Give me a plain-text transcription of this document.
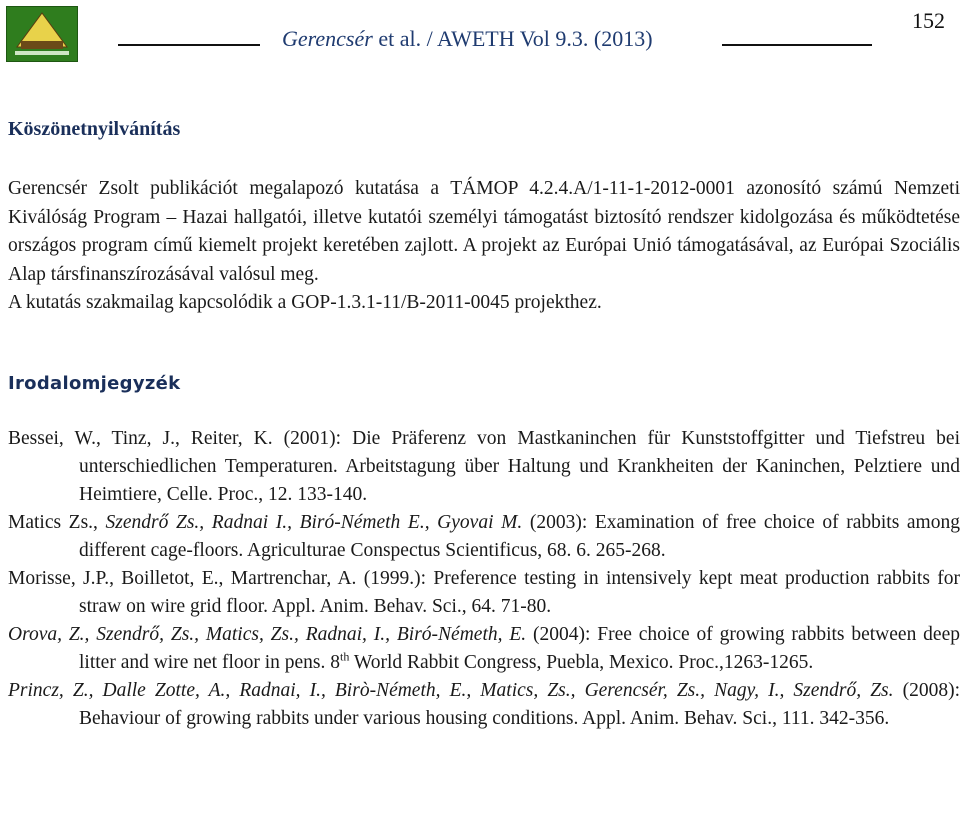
Gerencsér et al. / AWETH Vol 9.3. (2013)
152
Köszönetnyilvánítás

Gerencsér Zsolt publikációt megalapozó kutatása a TÁMOP 4.2.4.A/1-11-1-2012-0001 azonosító számú Nemzeti Kiválóság Program – Hazai hallgatói, illetve kutatói személyi támogatást biztosító rendszer kidolgozása és működtetése országos program című kiemelt projekt keretében zajlott. A projekt az Európai Unió támogatásával, az Európai Szociális Alap társfinanszírozásával valósul meg.

A kutatás szakmailag kapcsolódik a GOP-1.3.1-11/B-2011-0045 projekthez.

Irodalomjegyzék

Bessei, W., Tinz, J., Reiter, K. (2001): Die Präferenz von Mastkaninchen für Kunststoffgitter und Tiefstreu bei unterschiedlichen Temperaturen. Arbeitstagung über Haltung und Krankheiten der Kaninchen, Pelztiere und Heimtiere, Celle. Proc., 12. 133-140.

Matics Zs., Szendrő Zs., Radnai I., Biró-Németh E., Gyovai M. (2003): Examination of free choice of rabbits among different cage-floors. Agriculturae Conspectus Scientificus, 68. 6. 265-268.

Morisse, J.P., Boilletot, E., Martrenchar, A. (1999.): Preference testing in intensively kept meat production rabbits for straw on wire grid floor. Appl. Anim. Behav. Sci., 64. 71-80.

Orova, Z., Szendrő, Zs., Matics, Zs., Radnai, I., Biró-Németh, E. (2004): Free choice of growing rabbits between deep litter and wire net floor in pens. 8th World Rabbit Congress, Puebla, Mexico. Proc.,1263-1265.

Princz, Z., Dalle Zotte, A., Radnai, I., Birò-Németh, E., Matics, Zs., Gerencsér, Zs., Nagy, I., Szendrő, Zs. (2008): Behaviour of growing rabbits under various housing conditions. Appl. Anim. Behav. Sci., 111. 342-356.
